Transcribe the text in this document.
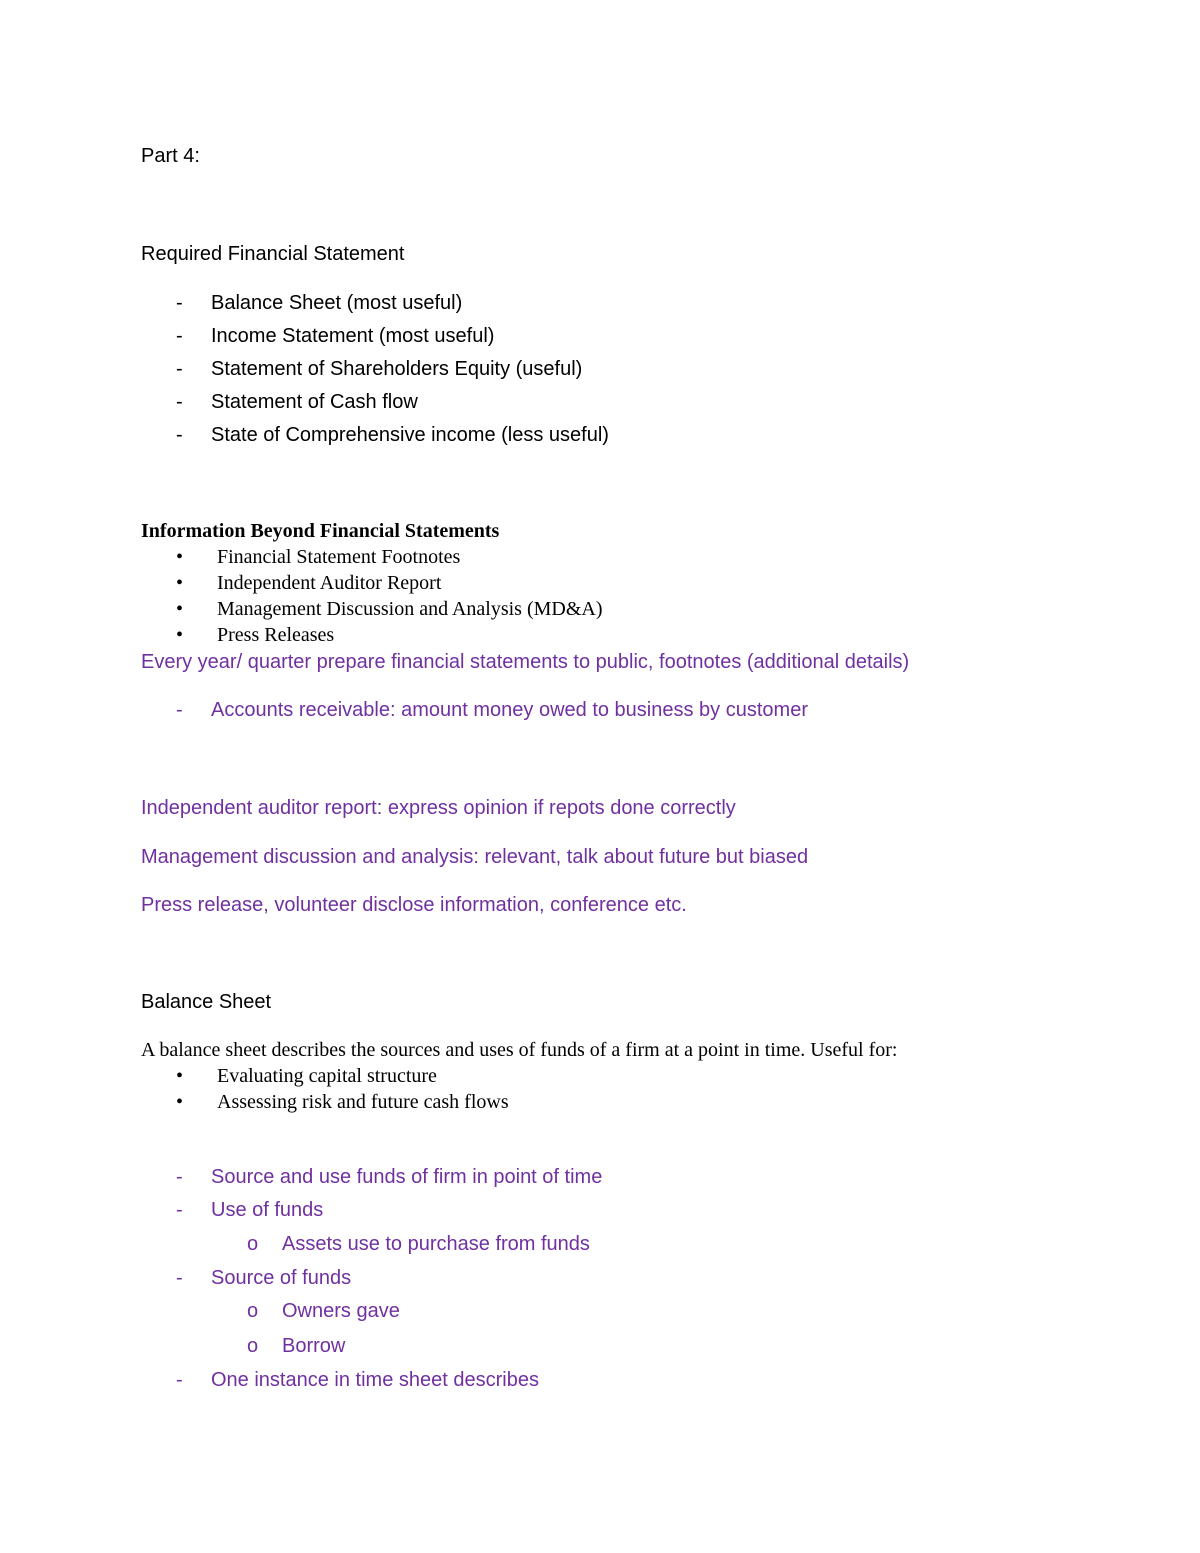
Part 4:
Required Financial Statement
- Balance Sheet (most useful)
- Income Statement (most useful)
- Statement of Shareholders Equity (useful)
- Statement of Cash flow
- State of Comprehensive income (less useful)
Information Beyond Financial Statements
• Financial Statement Footnotes
• Independent Auditor Report
• Management Discussion and Analysis (MD&A)
• Press Releases
Every year/ quarter prepare financial statements to public, footnotes (additional details)
- Accounts receivable: amount money owed to business by customer
Independent auditor report: express opinion if repots done correctly
Management discussion and analysis: relevant, talk about future but biased
Press release, volunteer disclose information, conference etc.
Balance Sheet
A balance sheet describes the sources and uses of funds of a firm at a point in time. Useful for:
• Evaluating capital structure
• Assessing risk and future cash flows
- Source and use funds of firm in point of time
- Use of funds
o Assets use to purchase from funds
- Source of funds
o Owners gave
o Borrow
- One instance in time sheet describes
